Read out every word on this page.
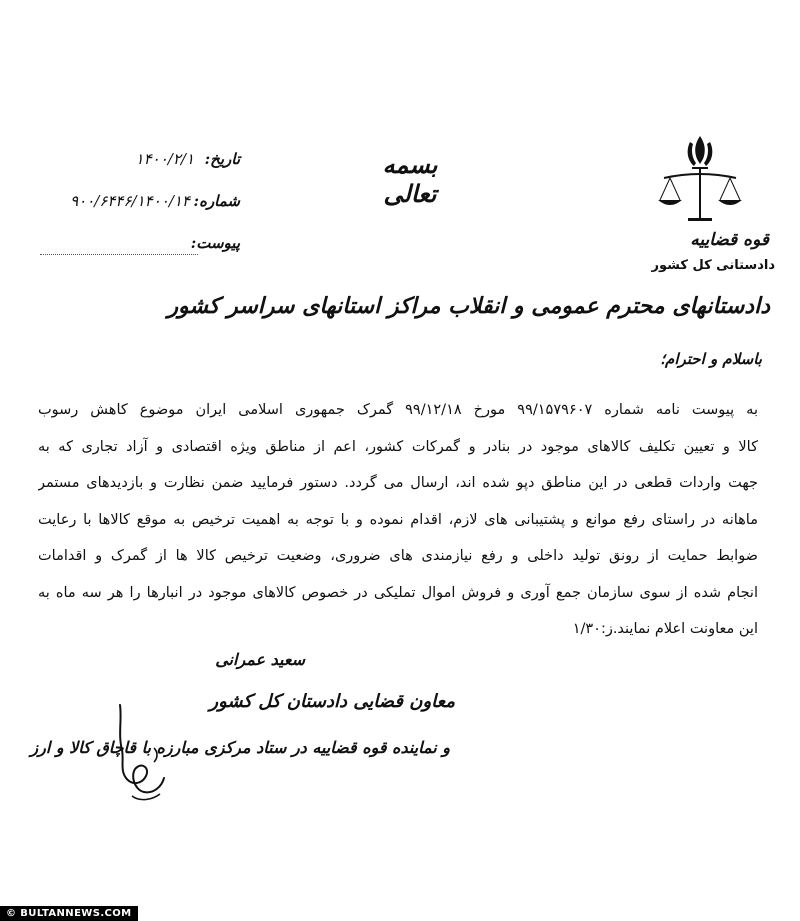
تاریخ:
۱۴۰۰/۲/۱
شماره:
۹۰۰/۶۴۴۶/۱۴۰۰/۱۴
پیوست:
بسمه تعالی
قوه قضاییه
دادستانی کل کشور
دادستانهای محترم عمومی و انقلاب مراکز استانهای سراسر کشور
باسلام و احترام؛
به پیوست نامه شماره ۹۹/۱۵۷۹۶۰۷ مورخ ۹۹/۱۲/۱۸ گمرک جمهوری اسلامی ایران موضوع کاهش رسوب
کالا و تعیین تکلیف کالاهای موجود در بنادر و گمرکات کشور، اعم از مناطق ویژه اقتصادی و آزاد تجاری که به
جهت واردات قطعی در این مناطق دپو شده اند، ارسال می گردد. دستور فرمایید ضمن نظارت و بازدیدهای مستمر
ماهانه در راستای رفع موانع و پشتیبانی های لازم، اقدام نموده و با توجه به اهمیت ترخیص به موقع کالاها با رعایت
ضوابط حمایت از رونق تولید داخلی و رفع نیازمندی های ضروری، وضعیت ترخیص کالا ها از گمرک و اقدامات
انجام شده از سوی سازمان جمع آوری و فروش اموال تملیکی در خصوص کالاهای موجود در انبارها را هر سه ماه به
این معاونت اعلام نمایند.ز:۱/۳۰
سعید عمرانی
معاون قضایی دادستان کل کشور
و نماینده قوه قضاییه در ستاد مرکزی مبارزه با قاچاق کالا و ارز
© BULTANNEWS.COM
